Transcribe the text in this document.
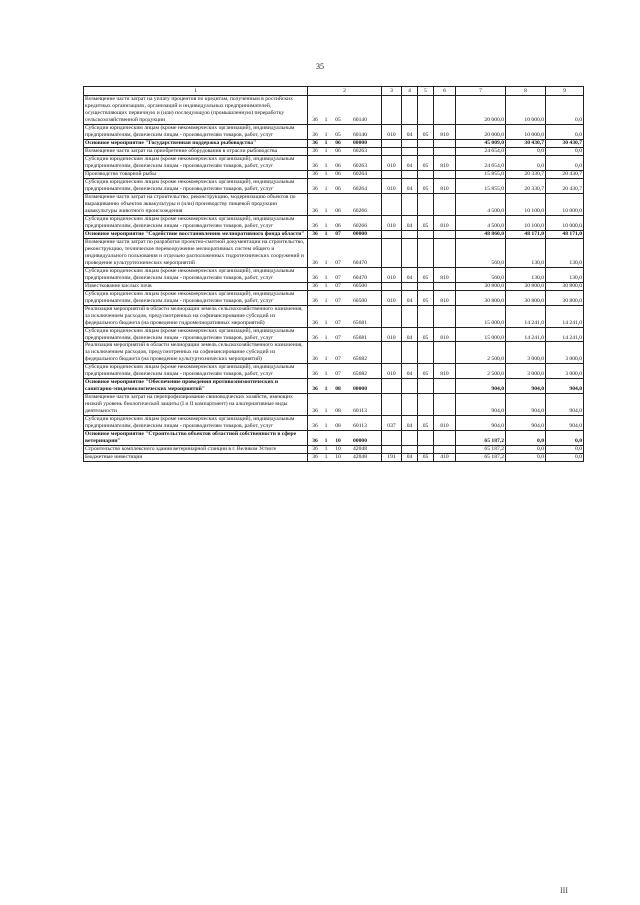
35
1	2	3	4	5	6	7	8	9
Возмещение части затрат на уплату процентов по кредитам, полученным в российских кредитных организациях, организаций и индивидуальных предпринимателей, осуществляющих первичную и (или) последующую (промышленную) переработку сельскохозяйственной продукции	36 1 05 60140					20 000,0	10 000,0	0,0
Субсидии юридическим лицам (кроме некоммерческих организаций), индивидуальным предпринимателям, физическим лицам - производителям товаров, работ, услуг	36 1 05 60140	010	04	05	810	20 000,0	10 000,0	0,0
Основное мероприятие "Государственная поддержка рыбоводства"	36 1 06 00000					45 009,0	30 430,7	30 430,7
Возмещение части затрат на приобретение оборудования в отрасли рыбоводства	36 1 06 60263					24 654,0	0,0	0,0
Субсидии юридическим лицам (кроме некоммерческих организаций), индивидуальным предпринимателям, физическим лицам - производителям товаров, работ, услуг	36 1 06 60263	010	04	05	810	24 654,0	0,0	0,0
Производство товарной рыбы	36 1 06 60264					15 855,0	20 330,7	20 430,7
Субсидии юридическим лицам (кроме некоммерческих организаций), индивидуальным предпринимателям, физическим лицам - производителям товаров, работ, услуг	36 1 06 60264	010	04	05	810	15 855,0	20 330,7	20 430,7
Возмещение части затрат на строительство, реконструкцию, модернизацию объектов по выращиванию объектов аквакультуры и (или) производству пищевой продукции аквакультуры животного происхождения	36 1 06 60266					4 500,0	10 100,0	10 000,0
Субсидии юридическим лицам (кроме некоммерческих организаций), индивидуальным предпринимателям, физическим лицам - производителям товаров, работ, услуг	36 1 06 60266	010	04	05	810	4 500,0	10 100,0	10 000,0
Основное мероприятие "Содействие восстановлению мелиоративного фонда области"	36 1 07 00000					48 860,0	48 171,0	48 171,0
Возмещение части затрат по разработке проектно-сметной документации на строительство, реконструкцию, техническое перевооружение мелиоративных систем общего и индивидуального пользования и отдельно расположенных гидротехнических сооружений и проведение культуртехнических мероприятий	36 1 07 60470					560,0	130,0	130,0
Субсидии юридическим лицам (кроме некоммерческих организаций), индивидуальным предпринимателям, физическим лицам - производителям товаров, работ, услуг	36 1 07 60470	010	04	05	810	560,0	130,0	130,0
Известкование кислых почв	36 1 07 60500					30 800,0	30 800,0	30 800,0
Субсидии юридическим лицам (кроме некоммерческих организаций), индивидуальным предпринимателям, физическим лицам - производителям товаров, работ, услуг	36 1 07 60500	010	04	05	810	30 800,0	30 800,0	30 800,0
Реализация мероприятий в области мелиорации земель сельскохозяйственного назначения, за исключением расходов, предусмотренных на софинансирование субсидий из федерального бюджета (на проведение гидромелиоративных мероприятий)	36 1 07 65681					15 000,0	14 241,0	14 241,0
Субсидии юридическим лицам (кроме некоммерческих организаций), индивидуальным предпринимателям, физическим лицам - производителям товаров, работ, услуг	36 1 07 65681	010	04	05	810	15 000,0	14 241,0	14 241,0
Реализация мероприятий в области мелиорации земель сельскохозяйственного назначения, за исключением расходов, предусмотренных на софинансирование субсидий из федерального бюджета (на проведение культуртехнических мероприятий)	36 1 07 65682					2 500,0	3 000,0	3 000,0
Субсидии юридическим лицам (кроме некоммерческих организаций), индивидуальным предпринимателям, физическим лицам - производителям товаров, работ, услуг	36 1 07 65682	010	04	05	810	2 500,0	3 000,0	3 000,0
Основное мероприятие "Обеспечение проведения противоэпизоотических и санитарно-эпидемиологических мероприятий"	36 1 08 00000					904,0	904,0	904,0
Возмещение части затрат на перепрофилирование свиноводческих хозяйств, имеющих низкий уровень биологической защиты (I и II компартмент) на альтернативные виды деятельности	36 1 08 60113					904,0	904,0	904,0
Субсидии юридическим лицам (кроме некоммерческих организаций), индивидуальным предпринимателям, физическим лицам - производителям товаров, работ, услуг	36 1 08 60113	037	04	05	810	904,0	904,0	904,0
Основное мероприятие "Строительство объектов областной собственности в сфере ветеринарии"	36 1 10 00000					65 187,2	0,0	0,0
Строительство комплексного здания ветеринарной станции в г. Великом Устюге	36 1 10 42048					65 187,2	0,0	0,0
Бюджетные инвестиции	36 1 10 42048	191	04	05	410	65 187,2	0,0	0,0
III
